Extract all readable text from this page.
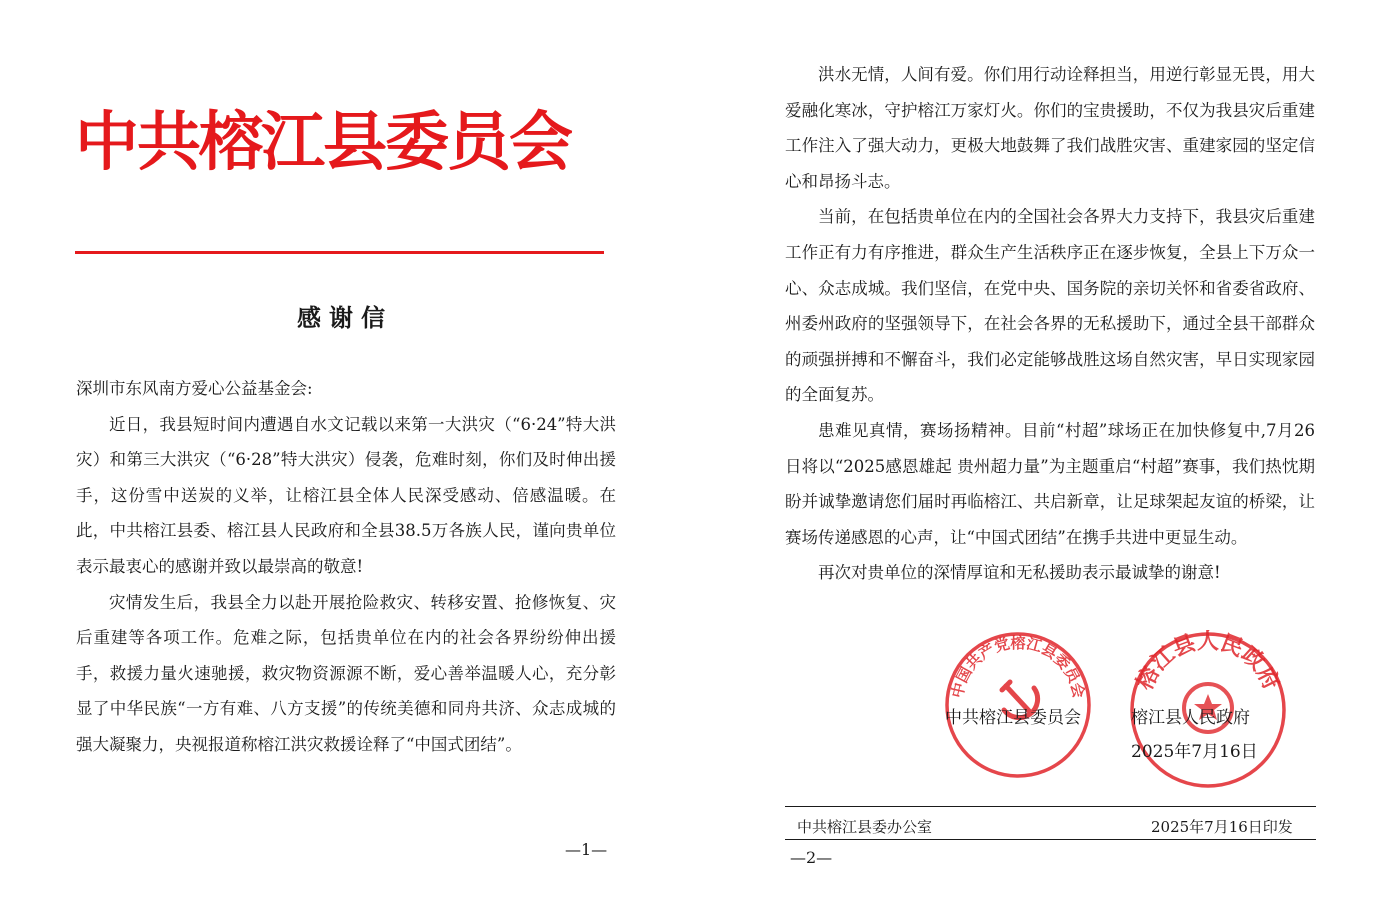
中共榕江县委员会
感谢信

深圳市东风南方爱心公益基金会:

近日，我县短时间内遭遇自水文记载以来第一大洪灾（“6·24”特大洪灾）和第三大洪灾（“6·28”特大洪灾）侵袭，危难时刻，你们及时伸出援手，这份雪中送炭的义举，让榕江县全体人民深受感动、倍感温暖。在此，中共榕江县委、榕江县人民政府和全县38.5万各族人民，谨向贵单位表示最衷心的感谢并致以最崇高的敬意!

灾情发生后，我县全力以赴开展抢险救灾、转移安置、抢修恢复、灾后重建等各项工作。危难之际，包括贵单位在内的社会各界纷纷伸出援手，救援力量火速驰援，救灾物资源源不断，爱心善举温暖人心，充分彰显了中华民族“一方有难、八方支援”的传统美德和同舟共济、众志成城的强大凝聚力，央视报道称榕江洪灾救援诠释了“中国式团结”。

—1—

洪水无情，人间有爱。你们用行动诠释担当，用逆行彰显无畏，用大爱融化寒冰，守护榕江万家灯火。你们的宝贵援助，不仅为我县灾后重建工作注入了强大动力，更极大地鼓舞了我们战胜灾害、重建家园的坚定信心和昂扬斗志。

当前，在包括贵单位在内的全国社会各界大力支持下，我县灾后重建工作正有力有序推进，群众生产生活秩序正在逐步恢复，全县上下万众一心、众志成城。我们坚信，在党中央、国务院的亲切关怀和省委省政府、州委州政府的坚强领导下，在社会各界的无私援助下，通过全县干部群众的顽强拼搏和不懈奋斗，我们必定能够战胜这场自然灾害，早日实现家园的全面复苏。

患难见真情，赛场扬精神。目前“村超”球场正在加快修复中,7月26日将以“2025感恩雄起 贵州超力量”为主题重启“村超”赛事，我们热忱期盼并诚挚邀请您们届时再临榕江、共启新章，让足球架起友谊的桥梁，让赛场传递感恩的心声，让“中国式团结”在携手共进中更显生动。

再次对贵单位的深情厚谊和无私援助表示最诚挚的谢意!

中国共产党榕江县委员会 榕江县人民政府
中共榕江县委员会	榕江县人民政府
2025年7月16日
中共榕江县委办公室	2025年7月16日印发
—2—
